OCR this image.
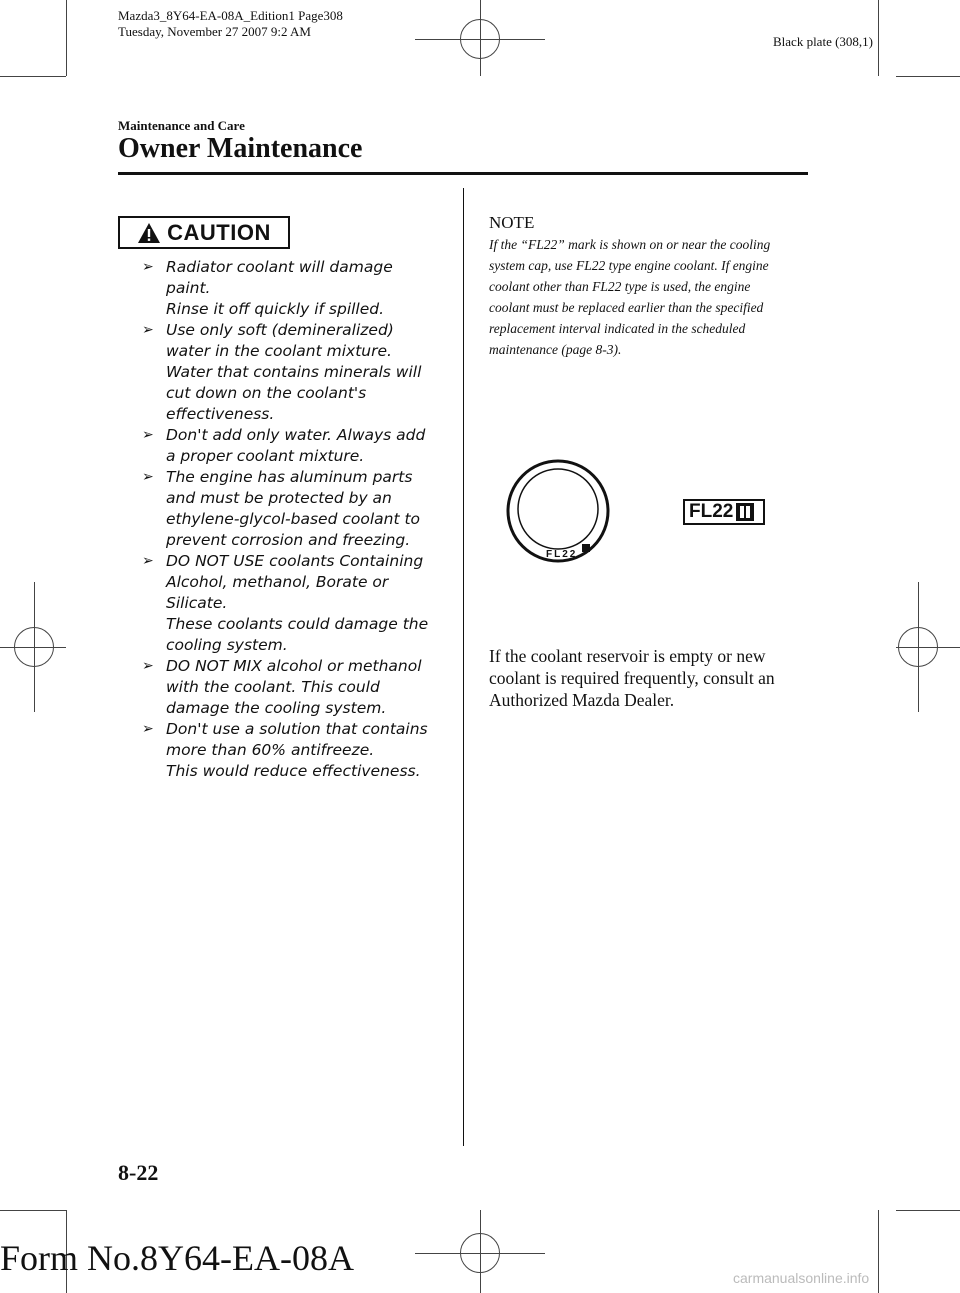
Mazda3_8Y64-EA-08A_Edition1 Page308
Tuesday, November 27 2007 9:2 AM
Black plate (308,1)
Maintenance and Care
Owner Maintenance
CAUTION
➢ Radiator coolant will damage
paint.
Rinse it off quickly if spilled.
➢ Use only soft (demineralized)
water in the coolant mixture.
Water that contains minerals will
cut down on the coolant's
effectiveness.
➢ Don't add only water. Always add
a proper coolant mixture.
➢ The engine has aluminum parts
and must be protected by an
ethylene-glycol-based coolant to
prevent corrosion and freezing.
➢ DO NOT USE coolants Containing
Alcohol, methanol, Borate or
Silicate.
These coolants could damage the
cooling system.
➢ DO NOT MIX alcohol or methanol
with the coolant. This could
damage the cooling system.
➢ Don't use a solution that contains
more than 60% antifreeze.
This would reduce effectiveness.
NOTE
If the “FL22” mark is shown on or near the cooling system cap, use FL22 type engine coolant. If engine coolant other than FL22 type is used, the engine coolant must be replaced earlier than the specified replacement interval indicated in the scheduled maintenance (page 8-3).
FL22
FL22
If the coolant reservoir is empty or new coolant is required frequently, consult an Authorized Mazda Dealer.
8-22
Form No.8Y64-EA-08A	carmanualsonline.info
